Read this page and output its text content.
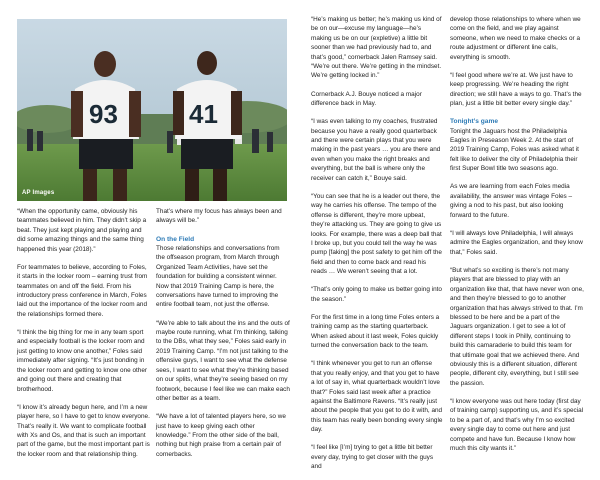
93	41
AP Images

“When the opportunity came, obviously his teammates believed in him. They didn’t skip a beat. They just kept playing and playing and did some amazing things and the same thing happened this year (2018).”

For teammates to believe, according to Foles, it starts in the locker room – earning trust from teammates on and off the field. From his introductory press conference in March, Foles laid out the importance of the locker room and the relationships formed there.

“I think the big thing for me in any team sport and especially football is the locker room and just getting to know one another,” Foles said immediately after signing. “It’s just bonding in the locker room and getting to know one other and going out there and creating that brotherhood.

“I know it’s already begun here, and I’m a new player here, so I have to get to know everyone. That’s really it. We want to complicate football with Xs and Os, and that is such an important part of the game, but the most important part is the locker room and that relationship thing.

That’s where my focus has always been and always will be.”

On the Field

Those relationships and conversations from the offseason program, from March through Organized Team Activities, have set the foundation for building a consistent winner. Now that 2019 Training Camp is here, the conversations have turned to improving the entire football team, not just the offense.

“We’re able to talk about the ins and the outs of maybe route running, what I’m thinking, talking to the DBs, what they see,” Foles said early in 2019 Training Camp. “I’m not just talking to the offensive guys, I want to see what the defense sees, I want to see what they’re thinking based on our splits, what they’re seeing based on my footwork, because I feel like we can make each other better as a team.

“We have a lot of talented players here, so we just have to keep giving each other knowledge.” From the other side of the ball, nothing but high praise from a certain pair of cornerbacks.

“He’s making us better; he’s making us kind of be on our—excuse my language—he’s making us be on our (expletive) a little bit sooner than we had previously had to, and that’s good,” cornerback Jalen Ramsey said. “We’re out there. We’re getting in the mindset. We’re getting locked in.”

Cornerback A.J. Bouye noticed a major difference back in May.

“I was even talking to my coaches, frustrated because you have a really good quarterback and there were certain plays that you were making in the past years … you are there and even when you make the right breaks and everything, but the ball is where only the receiver can catch it,” Bouye said.

“You can see that he is a leader out there, the way he carries his offense. The tempo of the offense is different, they’re more upbeat, they’re attacking us. They are going to give us looks. For example, there was a deep ball that I broke up, but you could tell the way he was pump [faking] the post safety to get him off the field and then to come back and read his reads … We weren’t seeing that a lot.

“That’s only going to make us better going into the season.”

For the first time in a long time Foles enters a training camp as the starting quarterback. When asked about it last week, Foles quickly turned the conversation back to the team.

“I think whenever you get to run an offense that you really enjoy, and that you get to have a lot of say in, what quarterback wouldn’t love that?” Foles said last week after a practice against the Baltimore Ravens. “It’s really just about the people that you get to do it with, and this team has really been bonding every single day.

“I feel like [I’m] trying to get a little bit better every day, trying to get closer with the guys and

develop those relationships to where when we come on the field, and we play against someone, when we need to make checks or a route adjustment or different line calls, everything is smooth.

“I feel good where we’re at. We just have to keep progressing. We’re heading the right direction; we still have a ways to go. That’s the plan, just a little bit better every single day.”

Tonight’s game

Tonight the Jaguars host the Philadelphia Eagles in Preseason Week 2. At the start of 2019 Training Camp, Foles was asked what it felt like to deliver the city of Philadelphia their first Super Bowl title two seasons ago.

As we are learning from each Foles media availability, the answer was vintage Foles – giving a nod to his past, but also looking forward to the future.

“I will always love Philadelphia, I will always admire the Eagles organization, and they know that,” Foles said.

“But what’s so exciting is there’s not many players that are blessed to play with an organization like that, that have never won one, and then they’re blessed to go to another organization that has always strived to that. I’m blessed to be here and be a part of the Jaguars organization. I get to see a lot of different steps I took in Philly, continuing to build this camaraderie to build this team for that ultimate goal that we achieved there. And obviously this is a different situation, different people, different city, everything, but I still see the passion.

“I know everyone was out here today (first day of training camp) supporting us, and it’s special to be a part of, and that’s why I’m so excited every single day to come out here and just compete and have fun. Because I know how much this city wants it.”
